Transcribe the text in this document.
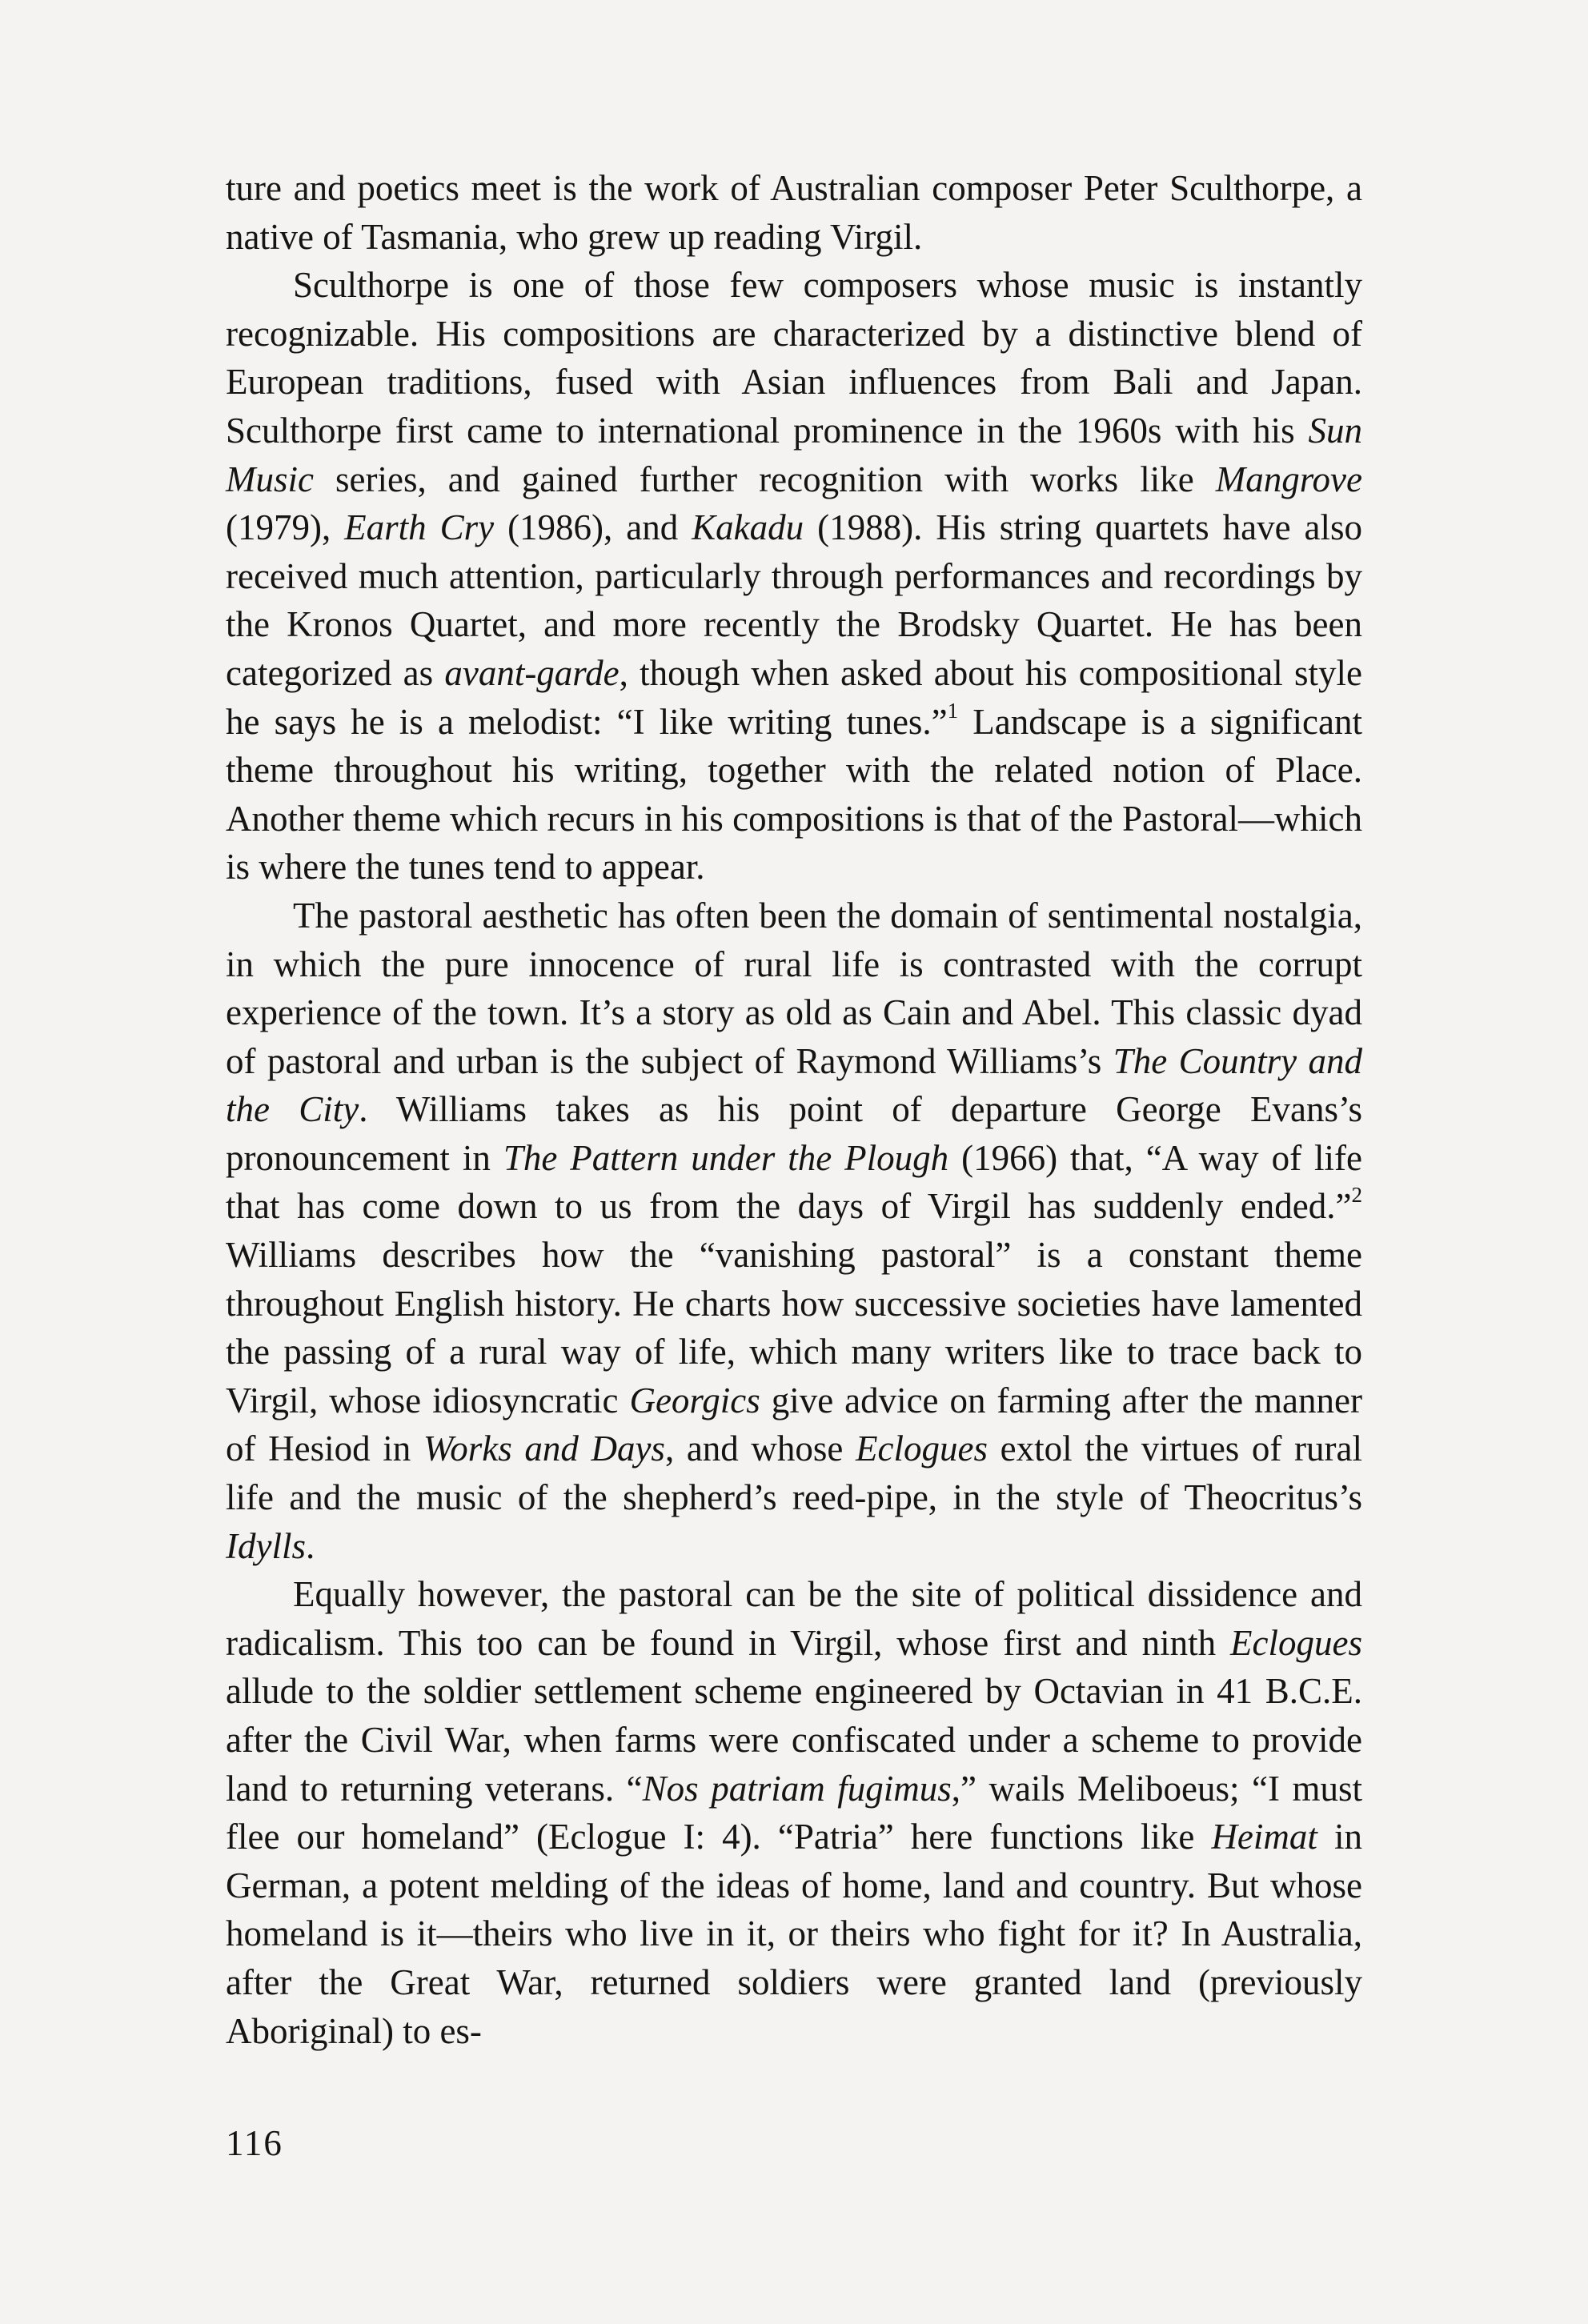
ture and poetics meet is the work of Australian composer Peter Sculthorpe, a native of Tasmania, who grew up reading Virgil.

Sculthorpe is one of those few composers whose music is instantly recognizable. His compositions are characterized by a distinctive blend of European traditions, fused with Asian influences from Bali and Japan. Sculthorpe first came to international prominence in the 1960s with his Sun Music series, and gained further recognition with works like Mangrove (1979), Earth Cry (1986), and Kakadu (1988). His string quartets have also received much attention, particularly through performances and recordings by the Kronos Quartet, and more recently the Brodsky Quartet. He has been categorized as avant-garde, though when asked about his compositional style he says he is a melodist: “I like writing tunes.”$^1$ Landscape is a significant theme throughout his writing, together with the related notion of Place. Another theme which recurs in his compositions is that of the Pastoral—which is where the tunes tend to appear.

The pastoral aesthetic has often been the domain of sentimental nostalgia, in which the pure innocence of rural life is contrasted with the corrupt experience of the town. It’s a story as old as Cain and Abel. This classic dyad of pastoral and urban is the subject of Raymond Williams’s The Country and the City. Williams takes as his point of departure George Evans’s pronouncement in The Pattern under the Plough (1966) that, “A way of life that has come down to us from the days of Virgil has suddenly ended.”$^2$ Williams describes how the “vanishing pastoral” is a constant theme throughout English history. He charts how successive societies have lamented the passing of a rural way of life, which many writers like to trace back to Virgil, whose idiosyncratic Georgics give advice on farming after the manner of Hesiod in Works and Days, and whose Eclogues extol the virtues of rural life and the music of the shepherd’s reed-pipe, in the style of Theocritus’s Idylls.

Equally however, the pastoral can be the site of political dissidence and radicalism. This too can be found in Virgil, whose first and ninth Eclogues allude to the soldier settlement scheme engineered by Octavian in 41 B.C.E. after the Civil War, when farms were confiscated under a scheme to provide land to returning veterans. “Nos patriam fugimus,” wails Meliboeus; “I must flee our homeland” (Eclogue I: 4). “Patria” here functions like Heimat in German, a potent melding of the ideas of home, land and country. But whose homeland is it—theirs who live in it, or theirs who fight for it? In Australia, after the Great War, returned soldiers were granted land (previously Aboriginal) to es-

116
